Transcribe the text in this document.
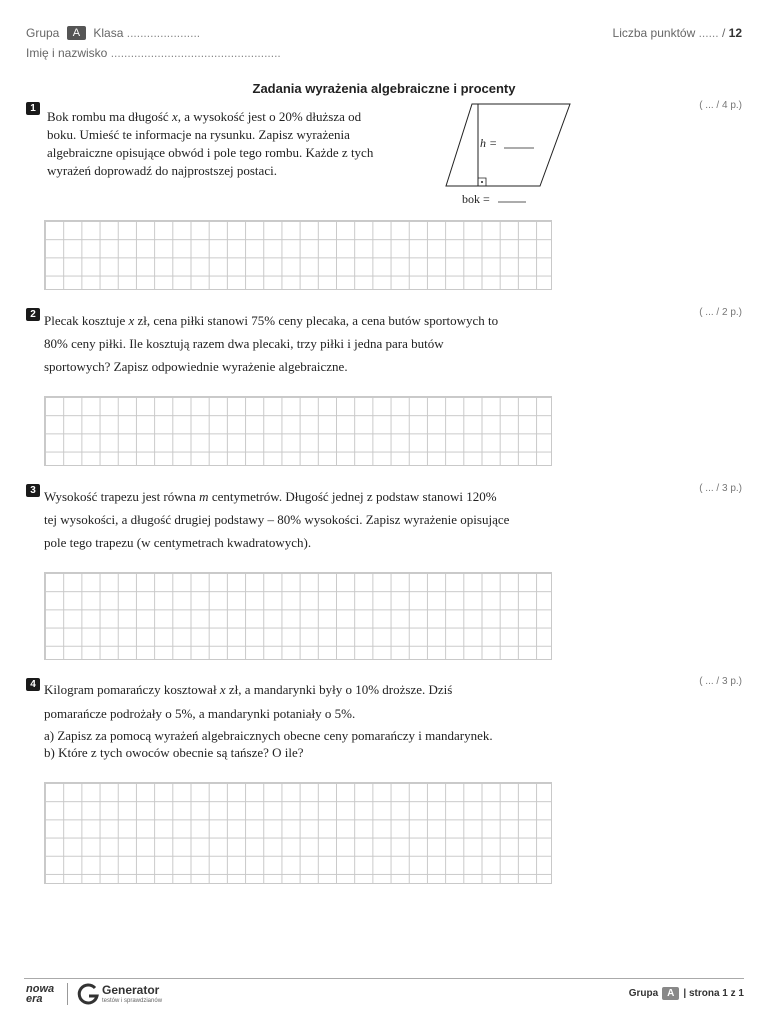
Grupa A Klasa ......................
Imię i nazwisko ...................................................
Liczba punktów ...... / 12
Zadania wyrażenia algebraiczne i procenty
1	( ... / 4 p.)
Bok rombu ma długość x, a wysokość jest o 20% dłuższa od
boku. Umieść te informacje na rysunku. Zapisz wyrażenia
algebraiczne opisujące obwód i pole tego rombu. Każde z tych
wyrażeń doprowadź do najprostszej postaci.
h =
bok =
2	( ... / 2 p.)
Plecak kosztuje x zł, cena piłki stanowi 75% ceny plecaka, a cena butów sportowych to
80% ceny piłki. Ile kosztują razem dwa plecaki, trzy piłki i jedna para butów
sportowych? Zapisz odpowiednie wyrażenie algebraiczne.
3	( ... / 3 p.)
Wysokość trapezu jest równa m centymetrów. Długość jednej z podstaw stanowi 120%
tej wysokości, a długość drugiej podstawy – 80% wysokości. Zapisz wyrażenie opisujące
pole tego trapezu (w centymetrach kwadratowych).
4	( ... / 3 p.)
Kilogram pomarańczy kosztował x zł, a mandarynki były o 10% droższe. Dziś
pomarańcze podrożały o 5%, a mandarynki potaniały o 5%.
a) Zapisz za pomocą wyrażeń algebraicznych obecne ceny pomarańczy i mandarynek.
b) Które z tych owoców obecnie są tańsze? O ile?
nowa
era
Generator
testów i sprawdzianów
Grupa A | strona 1 z 1
